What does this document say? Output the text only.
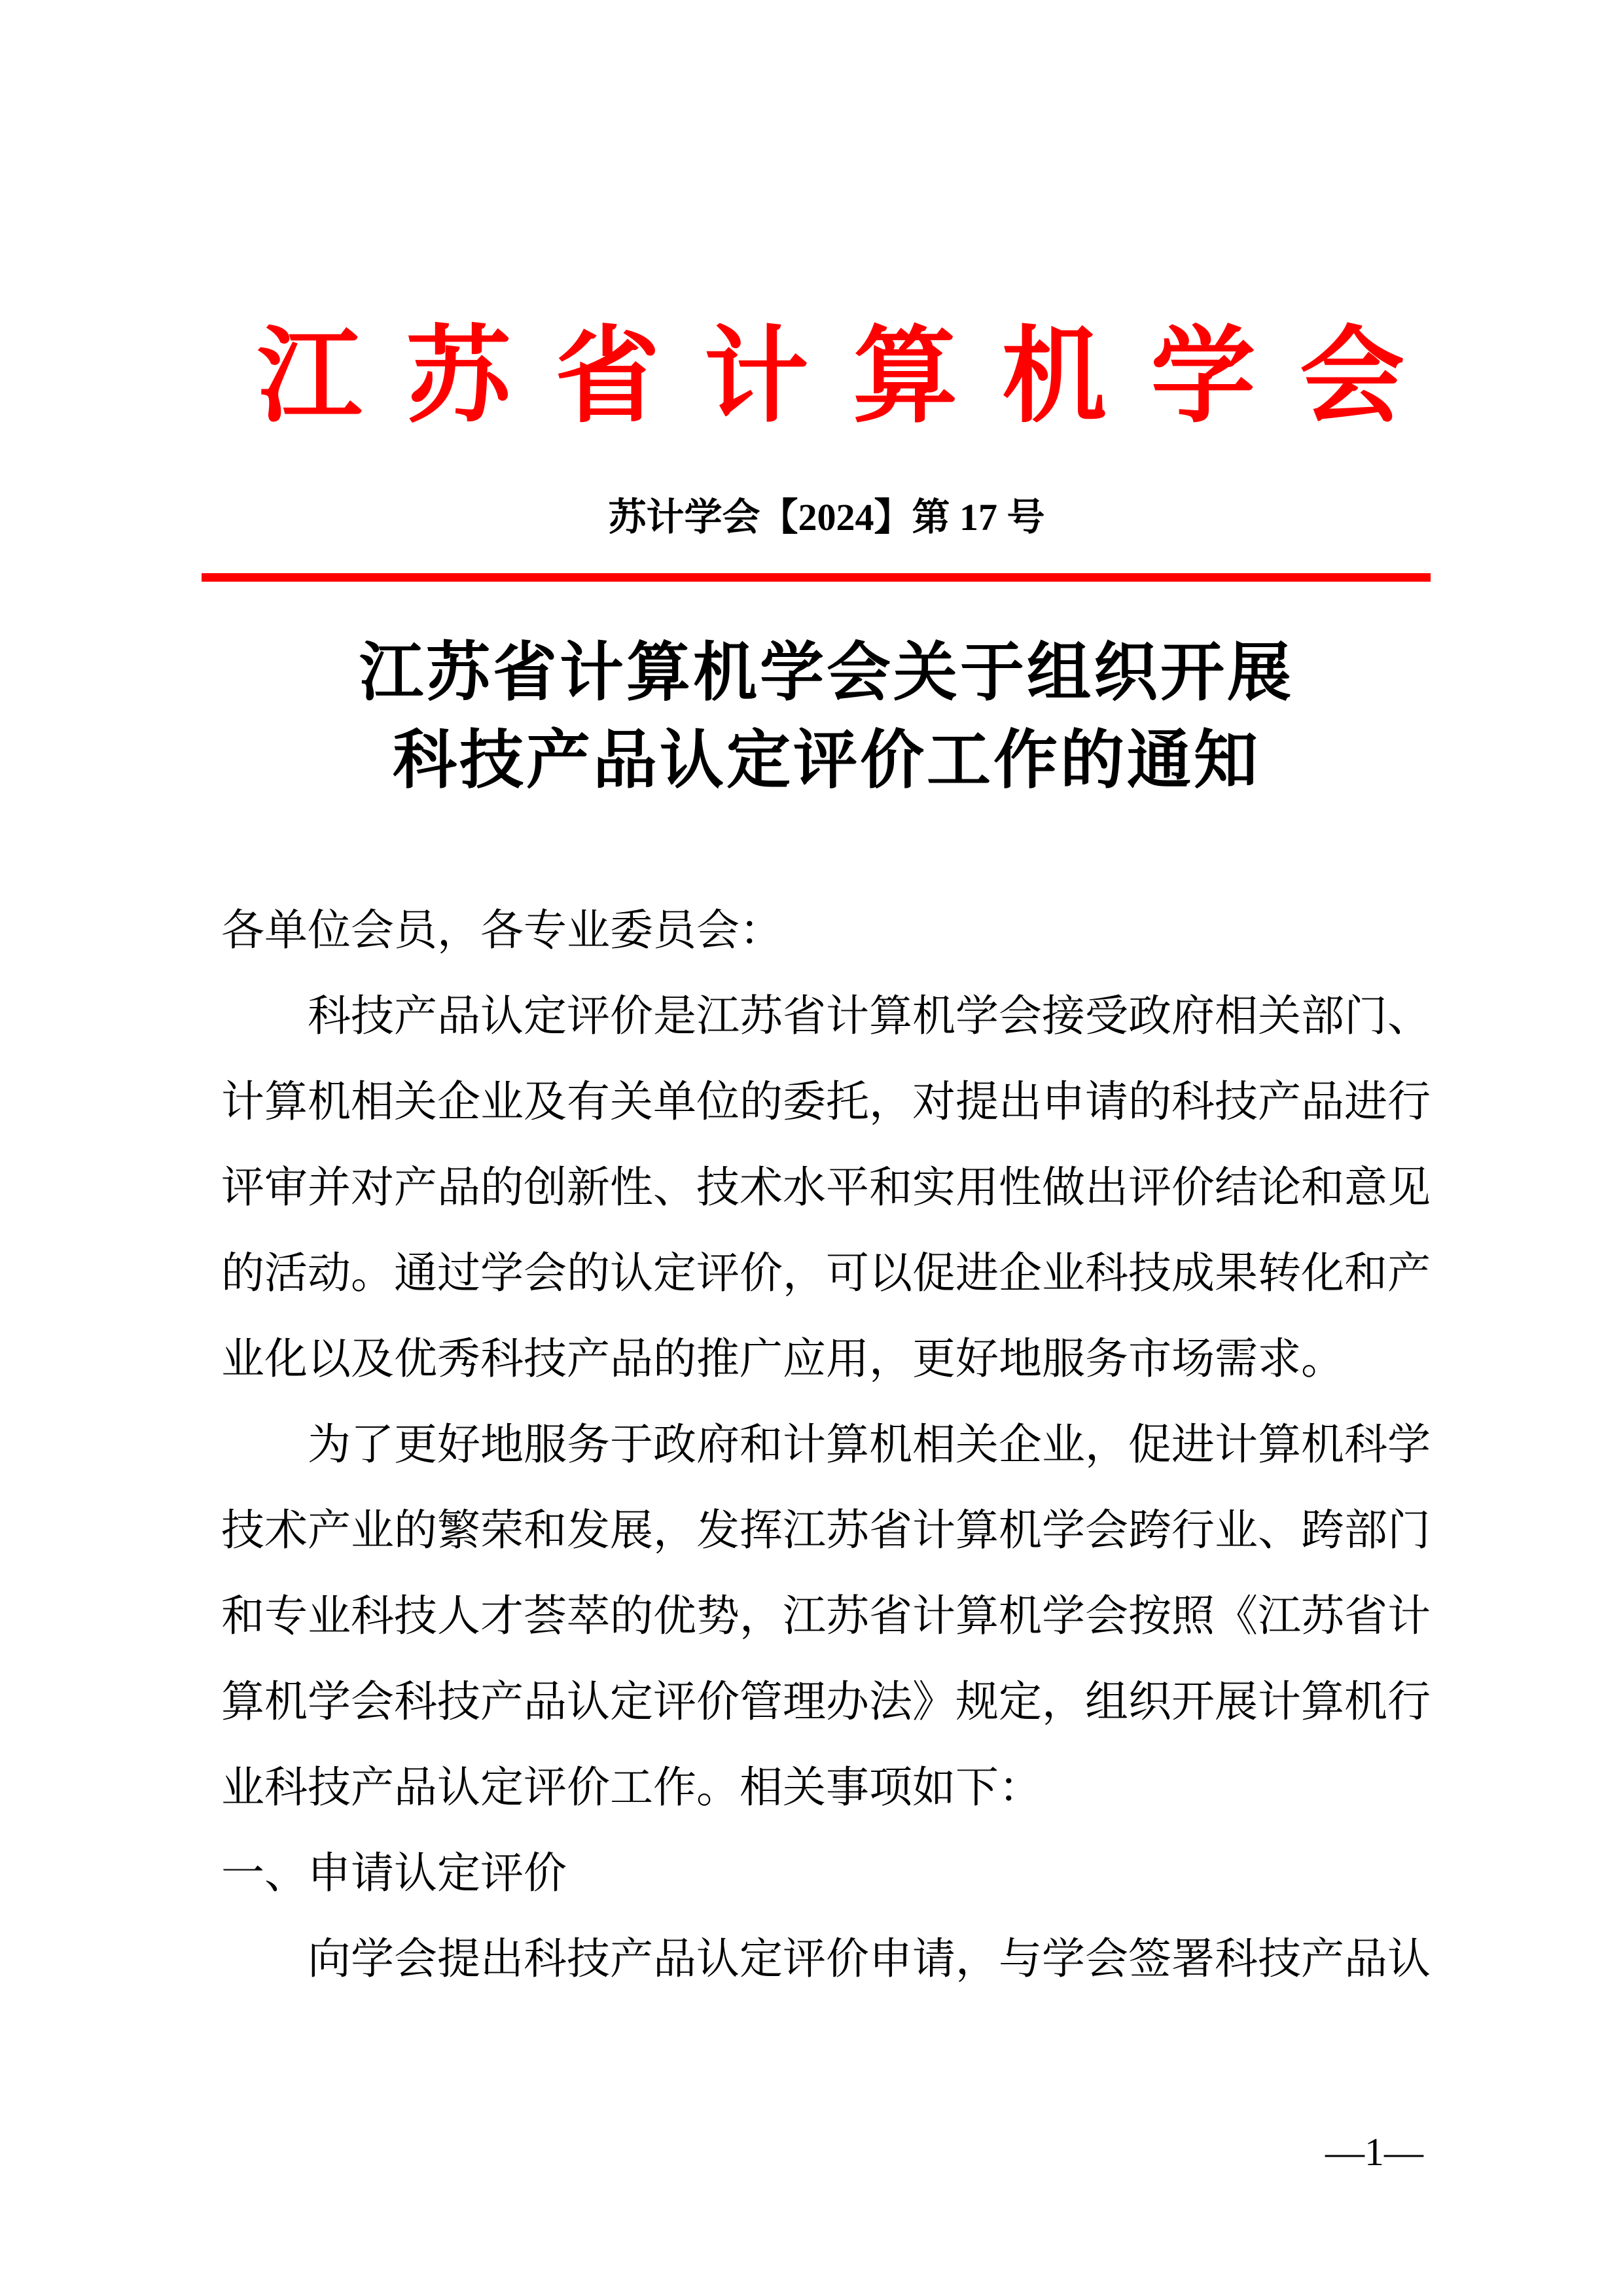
江 苏 省 计 算 机 学 会
苏计学会【2024】第 17 号
江苏省计算机学会关于组织开展
科技产品认定评价工作的通知
各单位会员，各专业委员会：
科技产品认定评价是江苏省计算机学会接受政府相关部门、
计算机相关企业及有关单位的委托，对提出申请的科技产品进行
评审并对产品的创新性、技术水平和实用性做出评价结论和意见
的活动。通过学会的认定评价，可以促进企业科技成果转化和产
业化以及优秀科技产品的推广应用，更好地服务市场需求。
为了更好地服务于政府和计算机相关企业，促进计算机科学
技术产业的繁荣和发展，发挥江苏省计算机学会跨行业、跨部门
和专业科技人才荟萃的优势，江苏省计算机学会按照《江苏省计
算机学会科技产品认定评价管理办法》规定，组织开展计算机行
业科技产品认定评价工作。相关事项如下：
一、申请认定评价
向学会提出科技产品认定评价申请，与学会签署科技产品认
—1—
